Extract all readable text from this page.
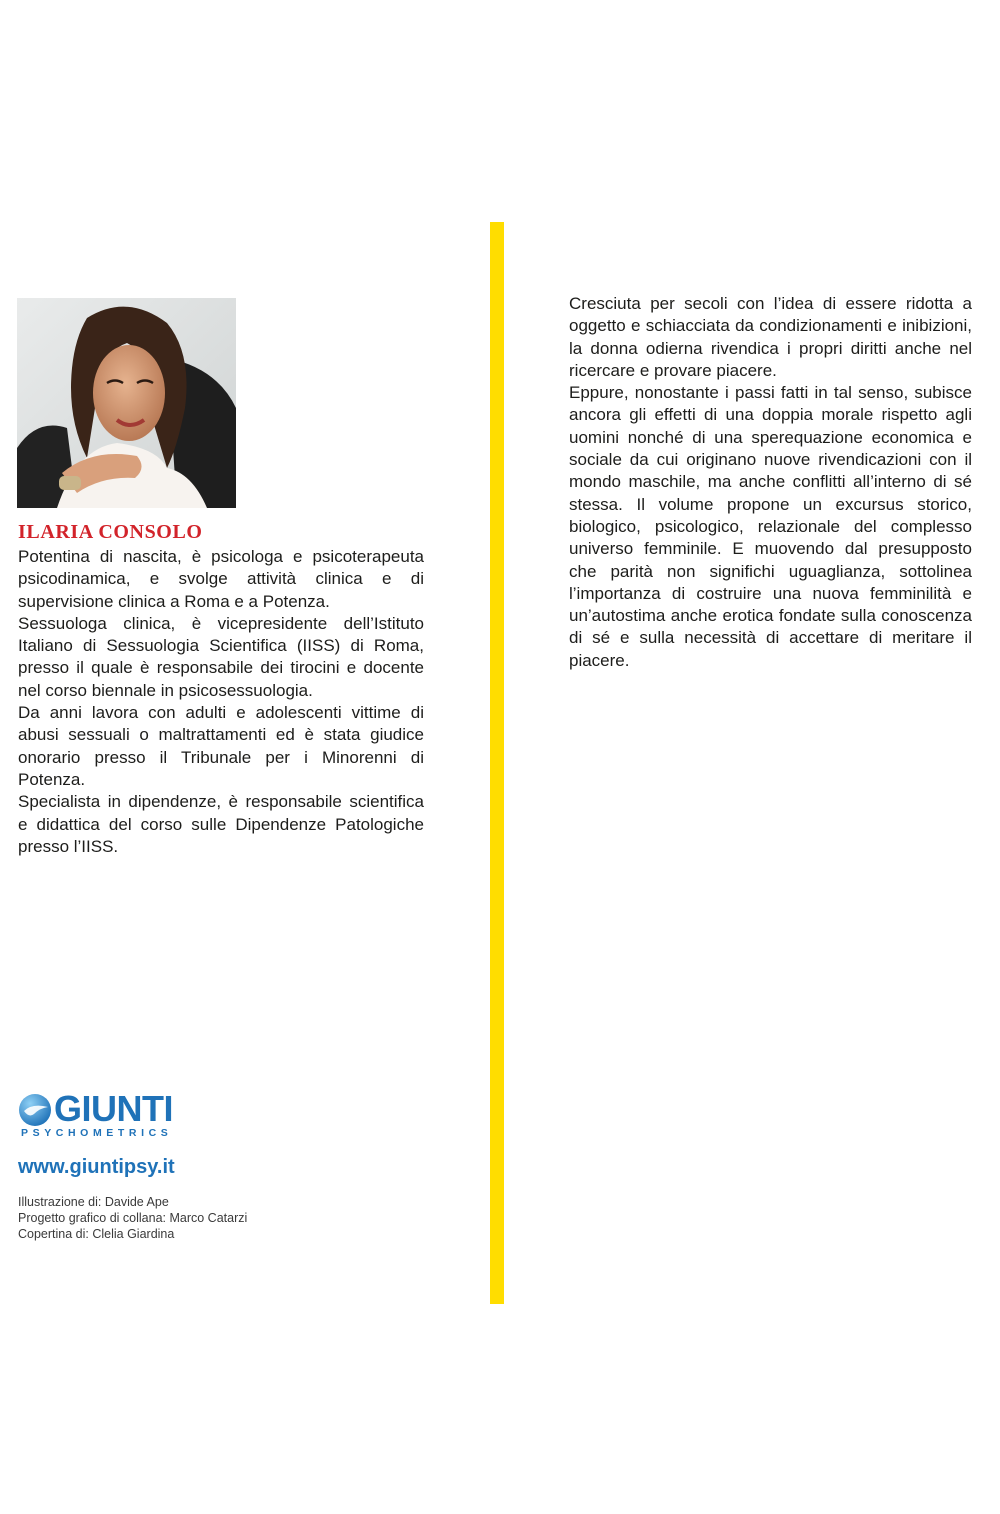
ILARIA CONSOLO

Potentina di nascita, è psicologa e psicoterapeuta psicodinamica, e svolge attività clinica e di supervisione clinica a Roma e a Potenza.

Sessuologa clinica, è vicepresidente dell’Istituto Italiano di Sessuologia Scientifica (IISS) di Roma, presso il quale è responsabile dei tirocini e docente nel corso biennale in psicosessuologia.

Da anni lavora con adulti e adolescenti vittime di abusi sessuali o maltrattamenti ed è stata giudice onorario presso il Tribunale per i Minorenni di Potenza.

Specialista in dipendenze, è responsabile scientifica e didattica del corso sulle Dipendenze Patologiche presso l’IISS.

Cresciuta per secoli con l’idea di essere ridotta a oggetto e schiacciata da condizionamenti e inibizioni, la donna odierna rivendica i propri diritti anche nel ricercare e provare piacere.

Eppure, nonostante i passi fatti in tal senso, subisce ancora gli effetti di una doppia morale rispetto agli uomini nonché di una sperequazione economica e sociale da cui originano nuove rivendicazioni con il mondo maschile, ma anche conflitti all’interno di sé stessa. Il volume propone un excursus storico, biologico, psicologico, relazionale del complesso universo femminile. E muovendo dal presupposto che parità non significhi uguaglianza, sottolinea l’importanza di costruire una nuova femminilità e un’autostima anche erotica fondate sulla conoscenza di sé e sulla necessità di accettare di meritare il piacere.

GIUNTI
PSYCHOMETRICS
www.giuntipsy.it
Illustrazione di: Davide Ape
Progetto grafico di collana: Marco Catarzi
Copertina di: Clelia Giardina
